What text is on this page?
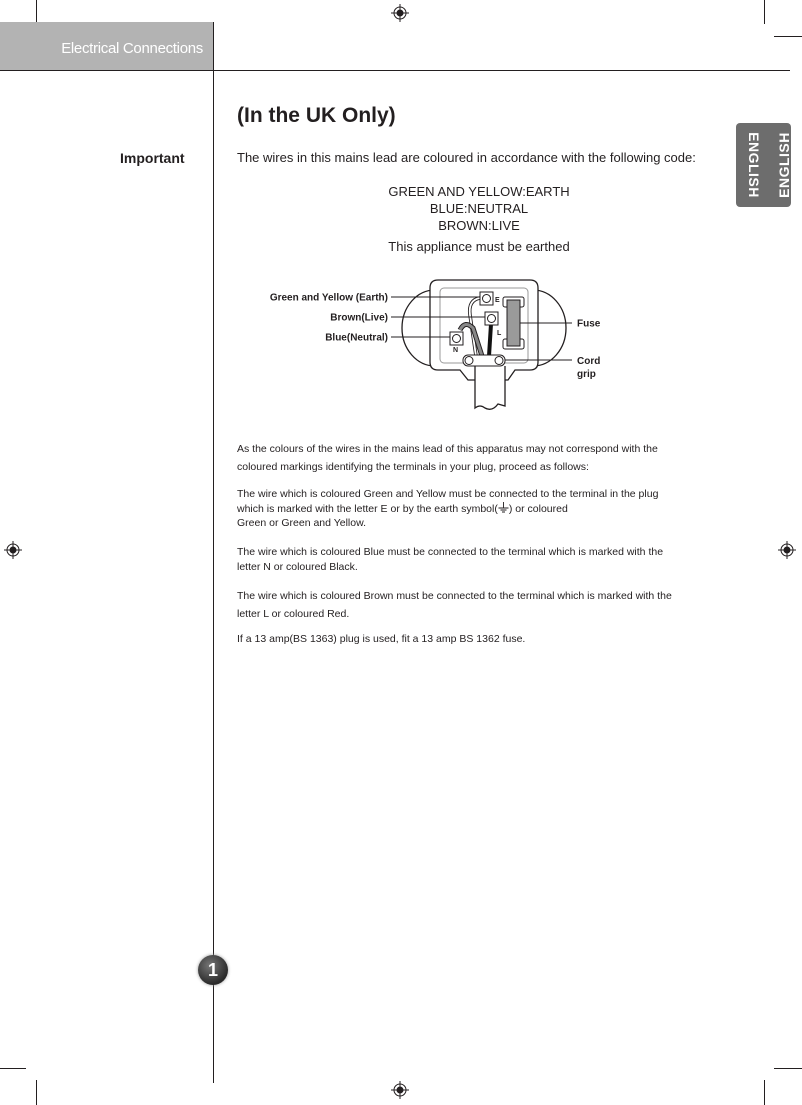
Electrical Connections
ENGLISH ENGLISH
(In the UK Only)
Important	The wires in this mains lead are coloured in accordance with the following code:
GREEN AND YELLOW:EARTH
BLUE:NEUTRAL
BROWN:LIVE
This appliance must be earthed
E
L
N
Green and Yellow (Earth)
Brown(Live)
Blue(Neutral)
Fuse
Cord
grip
As the colours of the wires in the mains lead of this apparatus may not correspond with the
coloured markings identifying the terminals in your plug, proceed as follows:
The wire which is coloured Green and Yellow must be connected to the terminal in the plug
which is marked with the letter E or by the earth symbol( ) or coloured
Green or Green and Yellow.
The wire which is coloured Blue must be connected to the terminal which is marked with the
letter N or coloured Black.
The wire which is coloured Brown must be connected to the terminal which is marked with the
letter L or coloured Red.
If a 13 amp(BS 1363) plug is used, fit a 13 amp BS 1362 fuse.
1
